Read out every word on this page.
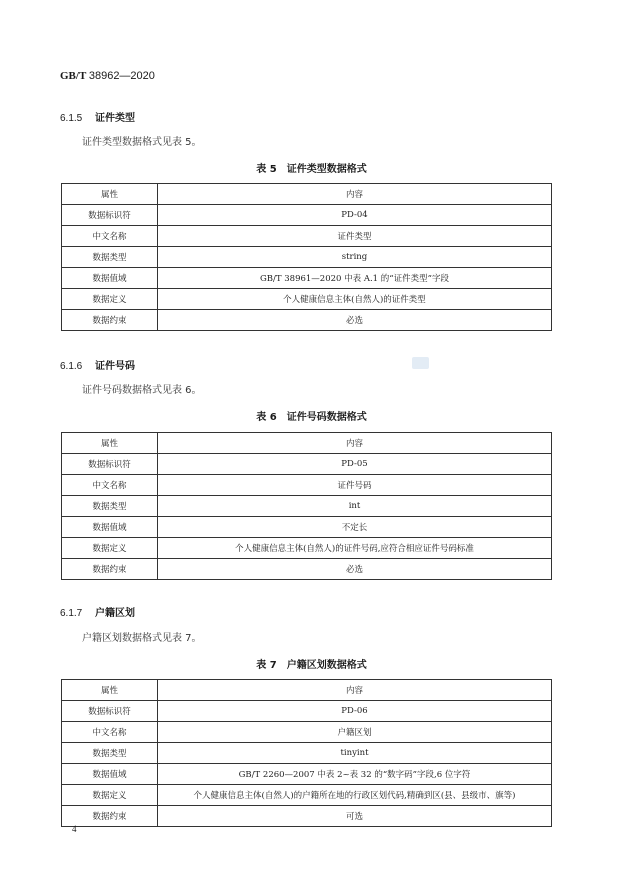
GB/T 38962—2020
6.1.5 证件类型
证件类型数据格式见表 5。
表 5　证件类型数据格式
属性	内容
数据标识符	PD-04
中文名称	证件类型
数据类型	string
数据值域	GB/T 38961—2020 中表 A.1 的“证件类型”字段
数据定义	个人健康信息主体(自然人)的证件类型
数据约束	必选
6.1.6 证件号码
证件号码数据格式见表 6。
表 6　证件号码数据格式
属性	内容
数据标识符	PD-05
中文名称	证件号码
数据类型	int
数据值域	不定长
数据定义	个人健康信息主体(自然人)的证件号码,应符合相应证件号码标准
数据约束	必选
6.1.7 户籍区划
户籍区划数据格式见表 7。
表 7　户籍区划数据格式
属性	内容
数据标识符	PD-06
中文名称	户籍区划
数据类型	tinyint
数据值域	GB/T 2260—2007 中表 2~表 32 的“数字码”字段,6 位字符
数据定义	个人健康信息主体(自然人)的户籍所在地的行政区划代码,精确到区(县、县级市、旗等)
数据约束	可选
4
